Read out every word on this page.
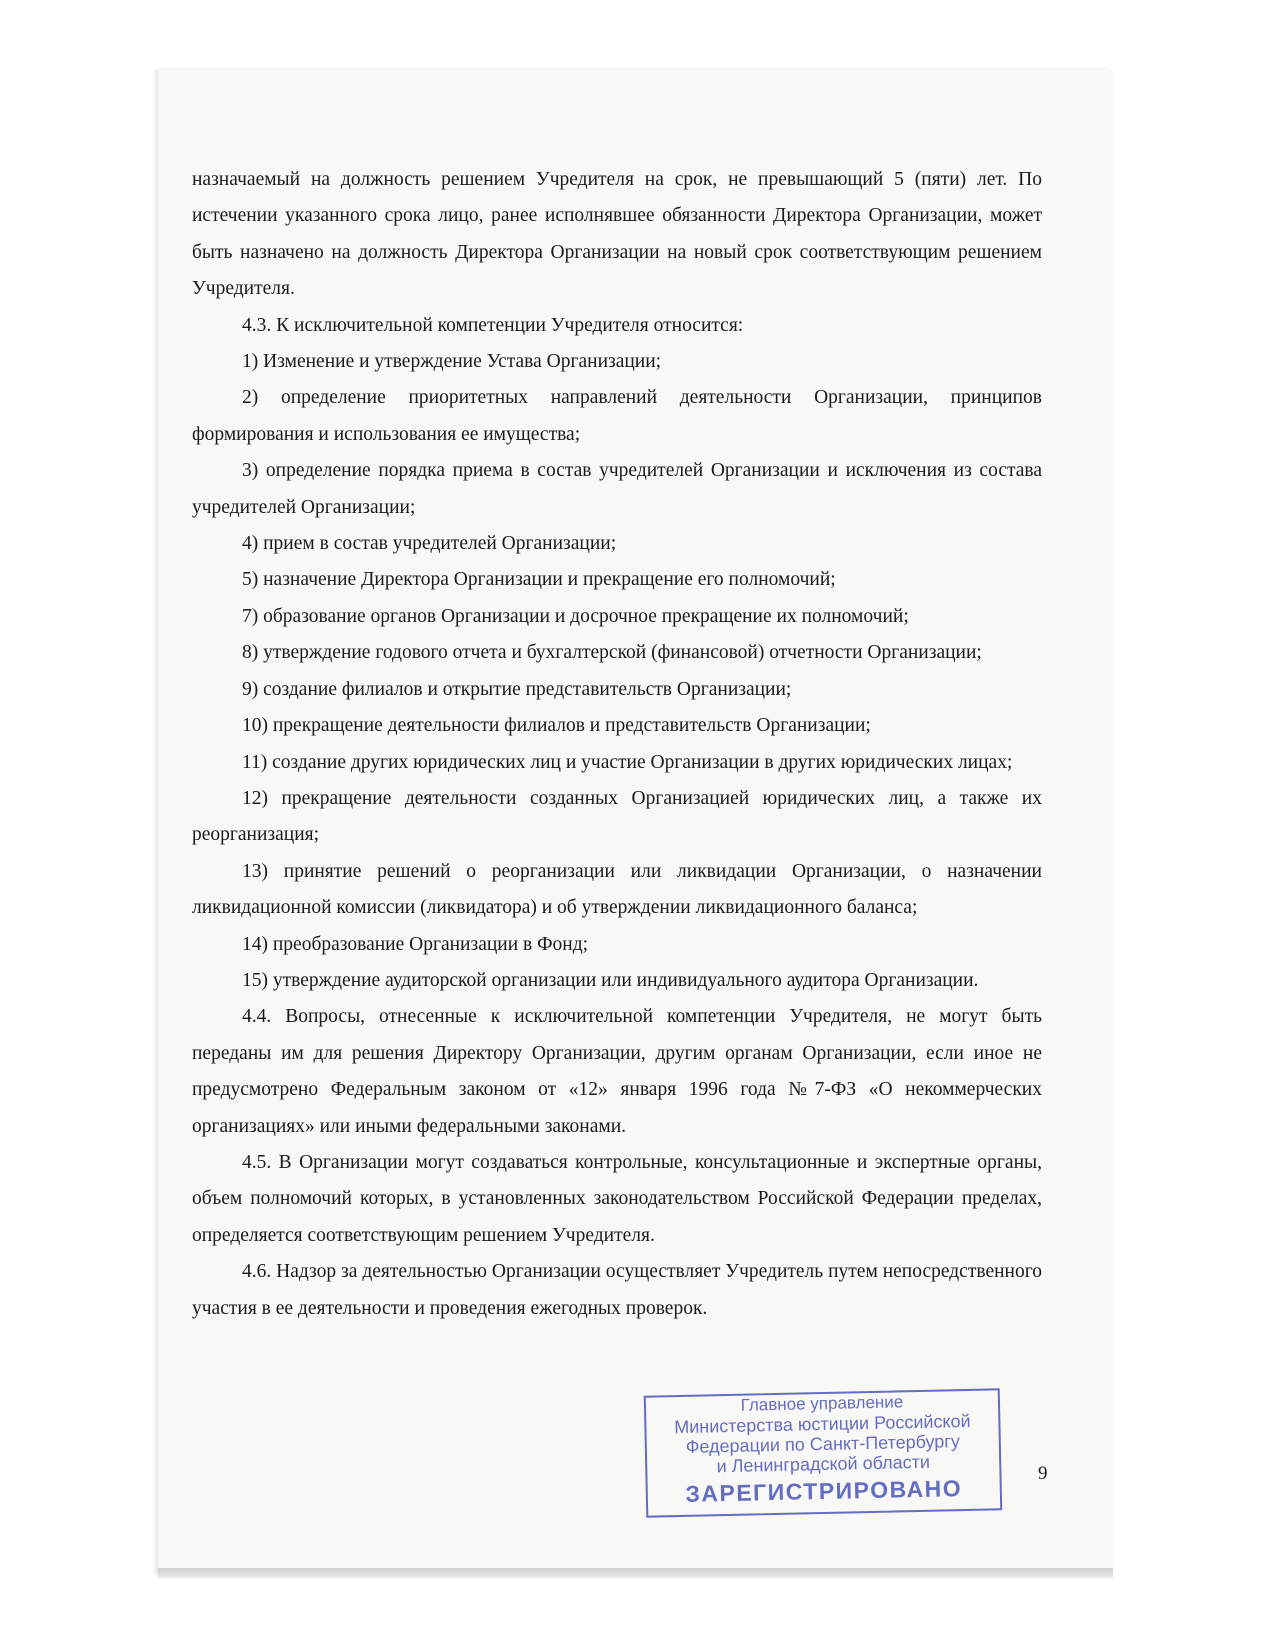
назначаемый на должность решением Учредителя на срок, не превышающий 5 (пяти) лет. По истечении указанного срока лицо, ранее исполнявшее обязанности Директора Организации, может быть назначено на должность Директора Организации на новый срок соответствующим решением Учредителя.

4.3. К исключительной компетенции Учредителя относится:

1) Изменение и утверждение Устава Организации;

2) определение приоритетных направлений деятельности Организации, принципов формирования и использования ее имущества;

3) определение порядка приема в состав учредителей Организации и исключения из состава учредителей Организации;

4) прием в состав учредителей Организации;

5) назначение Директора Организации и прекращение его полномочий;

7) образование органов Организации и досрочное прекращение их полномочий;

8) утверждение годового отчета и бухгалтерской (финансовой) отчетности Организации;

9) создание филиалов и открытие представительств Организации;

10) прекращение деятельности филиалов и представительств Организации;

11) создание других юридических лиц и участие Организации в других юридических лицах;

12) прекращение деятельности созданных Организацией юридических лиц, а также их реорганизация;

13) принятие решений о реорганизации или ликвидации Организации, о назначении ликвидационной комиссии (ликвидатора) и об утверждении ликвидационного баланса;

14) преобразование Организации в Фонд;

15) утверждение аудиторской организации или индивидуального аудитора Организации.

4.4. Вопросы, отнесенные к исключительной компетенции Учредителя, не могут быть переданы им для решения Директору Организации, другим органам Организации, если иное не предусмотрено Федеральным законом от «12» января 1996 года №7-ФЗ «О некоммерческих организациях» или иными федеральными законами.

4.5. В Организации могут создаваться контрольные, консультационные и экспертные органы, объем полномочий которых, в установленных законодательством Российской Федерации пределах, определяется соответствующим решением Учредителя.

4.6. Надзор за деятельностью Организации осуществляет Учредитель путем непосредственного участия в ее деятельности и проведения ежегодных проверок.

Главное управление
Министерства юстиции Российской
Федерации по Санкт-Петербургу
и Ленинградской области
ЗАРЕГИСТРИРОВАНО
9
